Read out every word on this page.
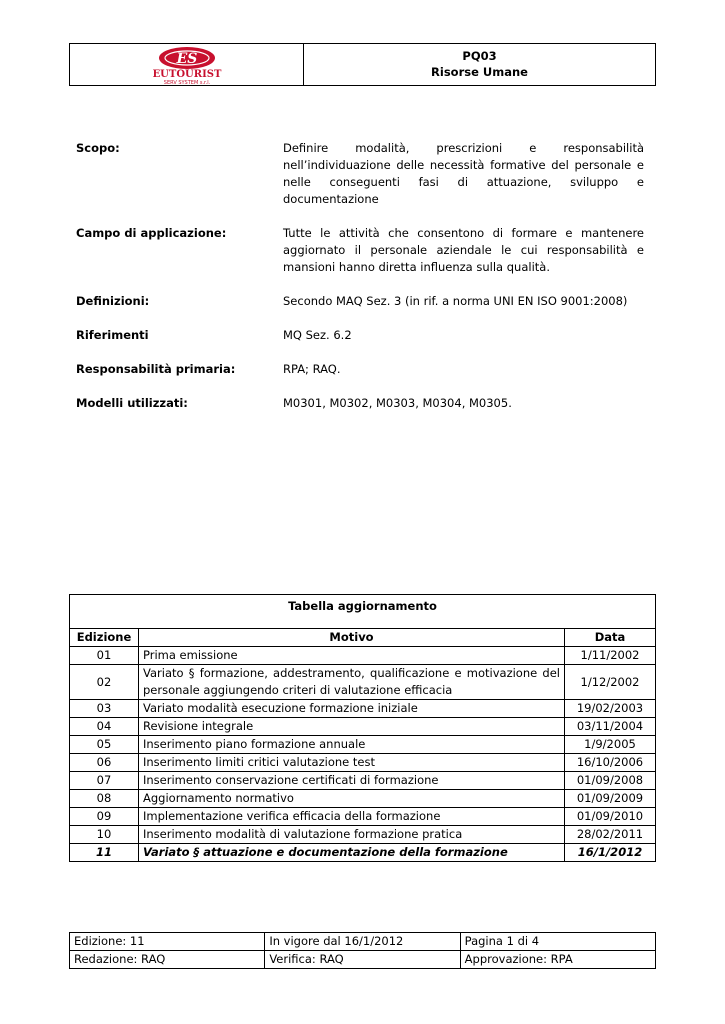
ES
EUTOURIST
SERV SYSTEM s.r.l.
PQ03
Risorse Umane
Scopo:	Definire modalità, prescrizioni e responsabilità nell’individuazione delle necessità formative del personale e nelle conseguenti fasi di attuazione, sviluppo e documentazione
Campo di applicazione:	Tutte le attività che consentono di formare e mantenere aggiornato il personale aziendale le cui responsabilità e mansioni hanno diretta influenza sulla qualità.
Definizioni:	Secondo MAQ Sez. 3 (in rif. a norma UNI EN ISO 9001:2008)
Riferimenti	MQ Sez. 6.2
Responsabilità primaria:	RPA; RAQ.
Modelli utilizzati:	M0301, M0302, M0303, M0304, M0305.
Tabella aggiornamento		
Edizione	Motivo	Data
01	Prima emissione	1/11/2002
02	Variato § formazione, addestramento, qualificazione e motivazione del personale aggiungendo criteri di valutazione efficacia	1/12/2002
03	Variato modalità esecuzione formazione iniziale	19/02/2003
04	Revisione integrale	03/11/2004
05	Inserimento piano formazione annuale	1/9/2005
06	Inserimento limiti critici valutazione test	16/10/2006
07	Inserimento conservazione certificati di formazione	01/09/2008
08	Aggiornamento normativo	01/09/2009
09	Implementazione verifica efficacia della formazione	01/09/2010
10	Inserimento modalità di valutazione formazione pratica	28/02/2011
11	Variato § attuazione e documentazione della formazione	16/1/2012
Edizione: 11	In vigore dal 16/1/2012	Pagina 1 di 4
Redazione: RAQ	Verifica: RAQ	Approvazione: RPA
